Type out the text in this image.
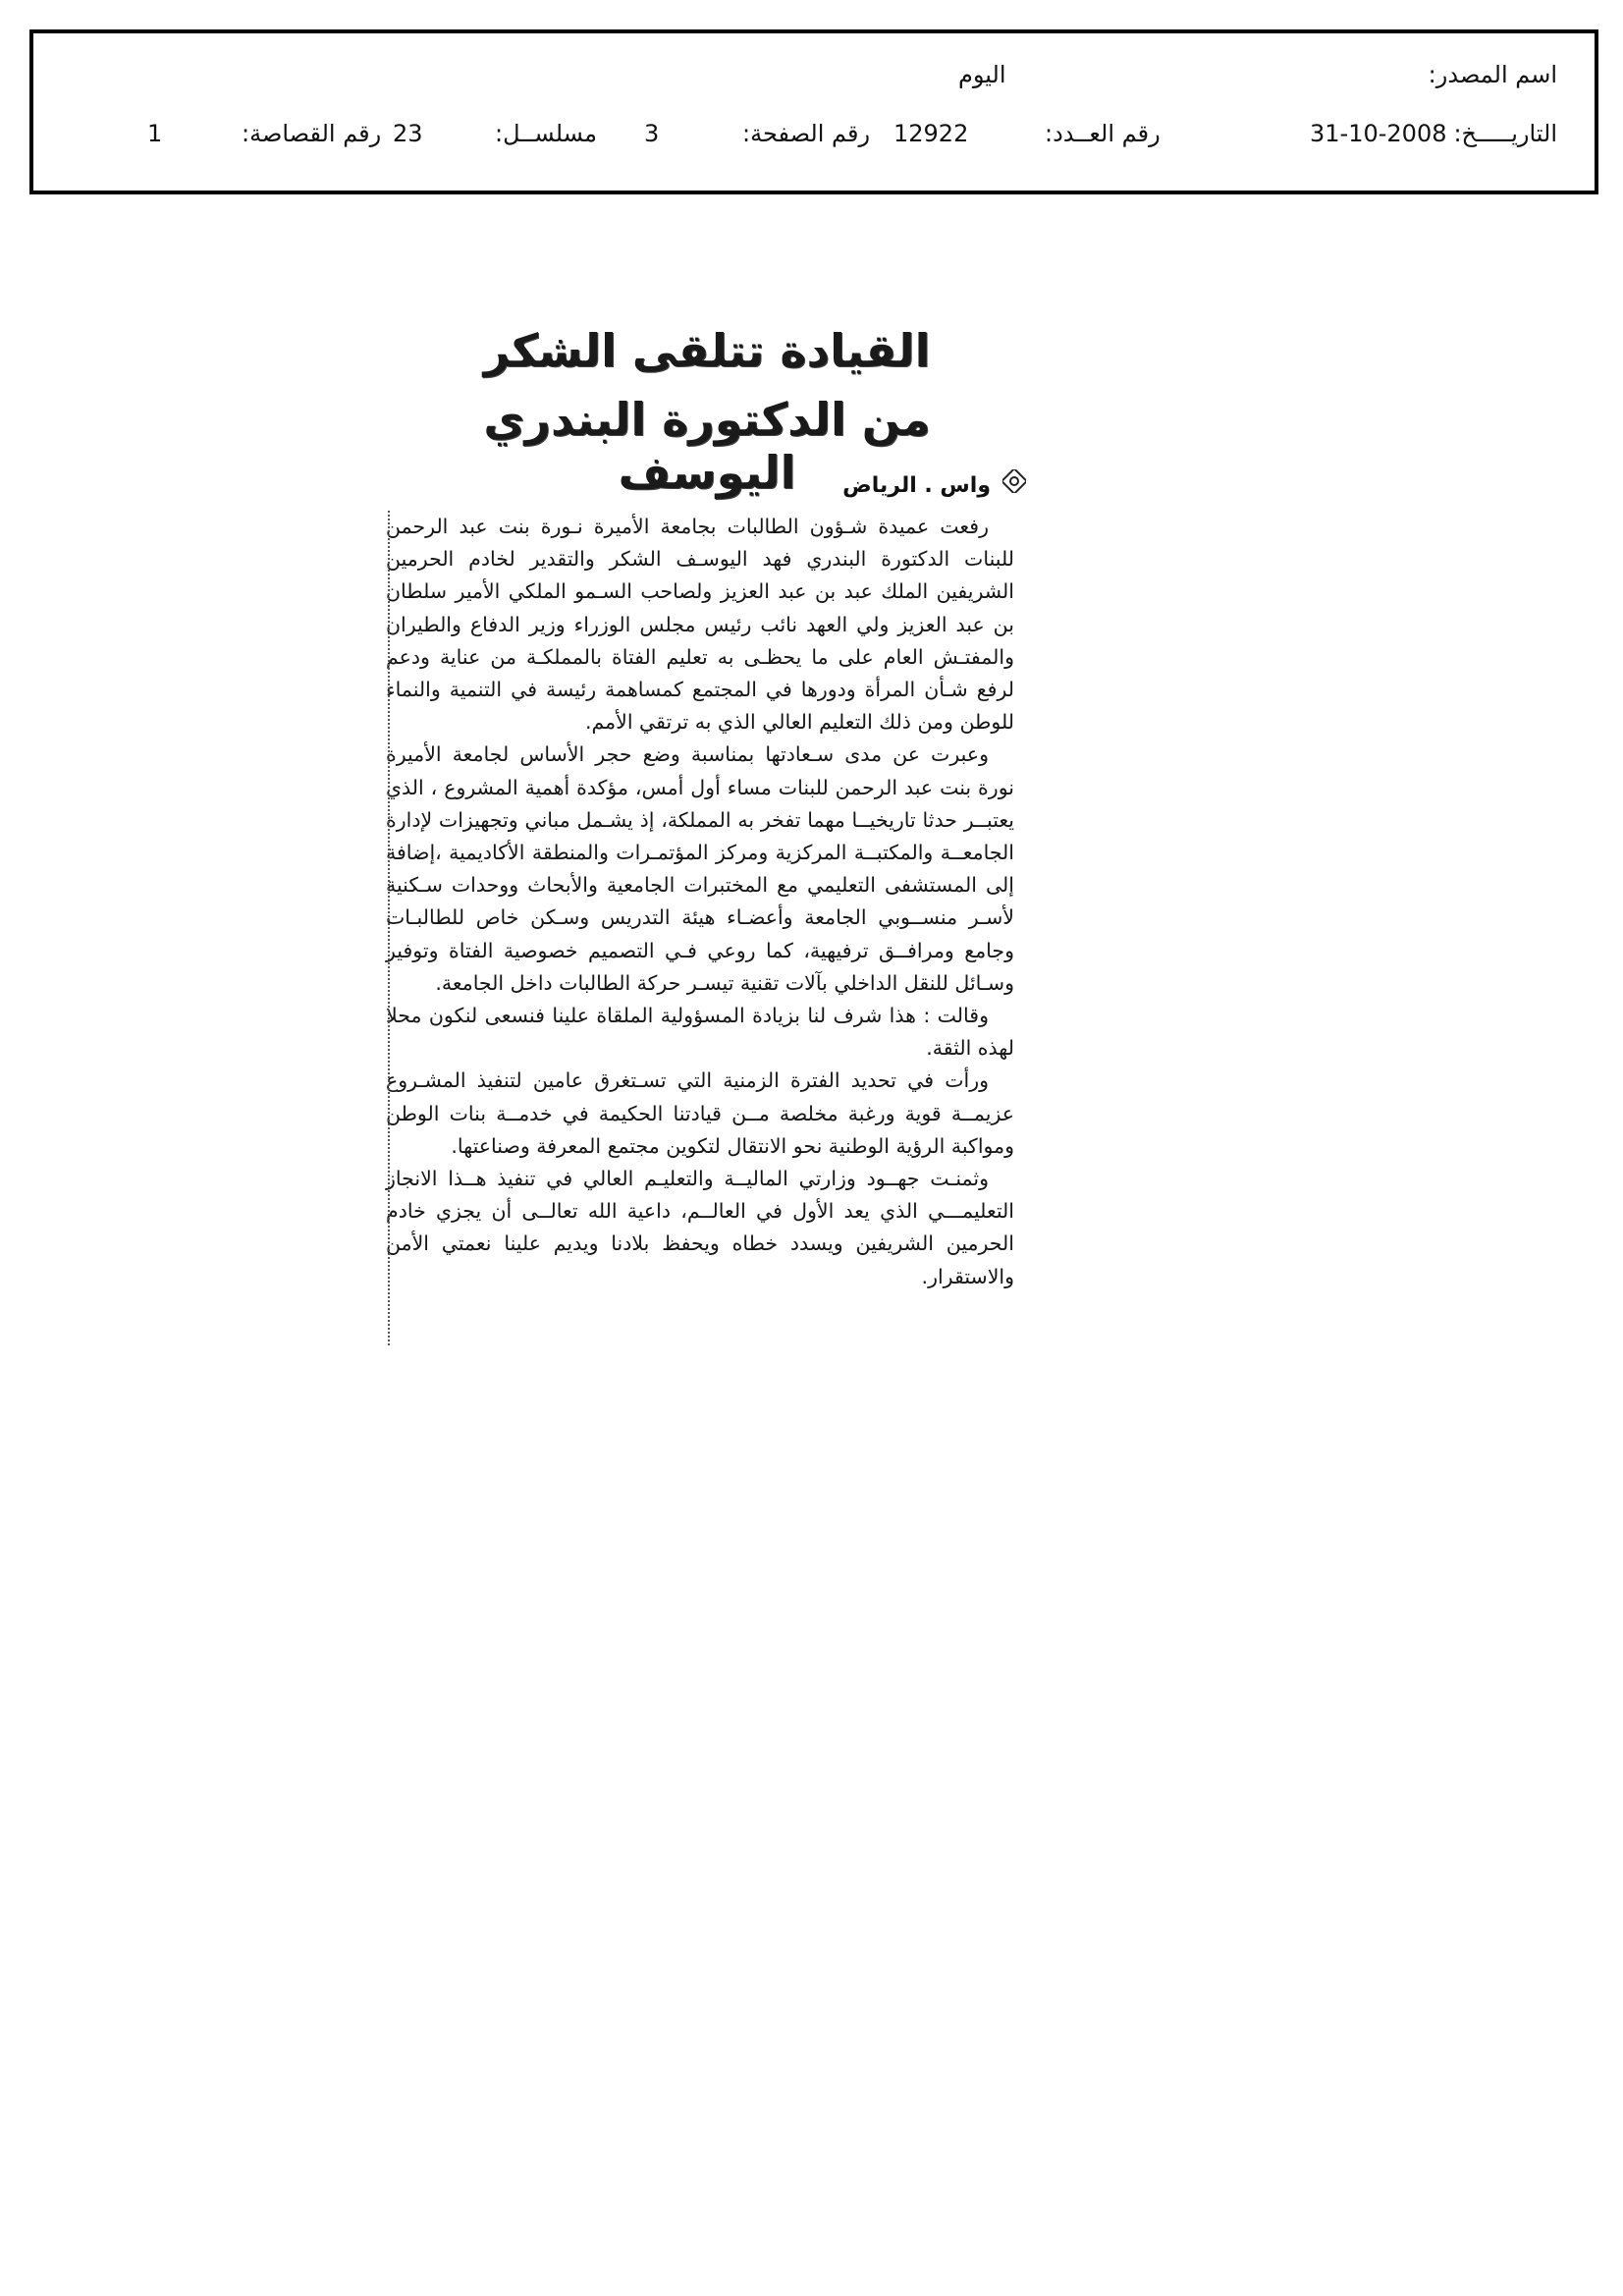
اسم المصدر:
اليوم
التاريـــــخ:
31-10-2008
رقم العــدد:
12922
رقم الصفحة:
3
مسلســل:
23
رقم القصاصة:
1
القيادة تتلقى الشكر
من الدكتورة البندري اليوسف	واس . الرياض

رفعت عميدة شـؤون الطالبات بجامعة الأميرة نـورة بنت عبد الرحمن للبنات الدكتورة البندري فهد اليوسـف الشكر والتقدير لخادم الحرمين الشريفين الملك عبد بن عبد العزيز ولصاحب السـمو الملكي الأمير سلطان بن عبد العزيز ولي العهد نائب رئيس مجلس الوزراء وزير الدفاع والطيران والمفتـش العام على ما يحظـى به تعليم الفتاة بالمملكـة من عناية ودعم لرفع شـأن المرأة ودورها في المجتمع كمساهمة رئيسة في التنمية والنماء للوطن ومن ذلك التعليم العالي الذي به ترتقي الأمم.

وعبرت عن مدى سـعادتها بمناسبة وضع حجر الأساس لجامعة الأميرة نورة بنت عبد الرحمن للبنات مساء أول أمس، مؤكدة أهمية المشروع ، الذي يعتبــر حدثا تاريخيــا مهما تفخر به المملكة، إذ يشـمل مباني وتجهيزات لإدارة الجامعــة والمكتبــة المركزية ومركز المؤتمـرات والمنطقة الأكاديمية ،إضافة إلى المستشفى التعليمي مع المختبرات الجامعية والأبحاث ووحدات سـكنية لأسـر منســوبي الجامعة وأعضـاء هيئة التدريس وسـكن خاص للطالبـات وجامع ومرافــق ترفيهية، كما روعي فـي التصميم خصوصية الفتاة وتوفير وسـائل للنقل الداخلي بآلات تقنية تيسـر حركة الطالبات داخل الجامعة.

وقالت : هذا شرف لنا بزيادة المسؤولية الملقاة علينا فنسعى لنكون محلا لهذه الثقة.

ورأت في تحديد الفترة الزمنية التي تسـتغرق عامين لتنفيذ المشـروع عزيمــة قوية ورغبة مخلصة مــن قيادتنا الحكيمة في خدمــة بنات الوطن ومواكبة الرؤية الوطنية نحو الانتقال لتكوين مجتمع المعرفة وصناعتها.

وثمنـت جهــود وزارتي الماليــة والتعليـم العالي في تنفيذ هــذا الانجاز التعليمـــي الذي يعد الأول في العالــم، داعية الله تعالــى أن يجزي خادم الحرمين الشريفين ويسدد خطاه ويحفظ بلادنا ويديم علينا نعمتي الأمن والاستقرار.
